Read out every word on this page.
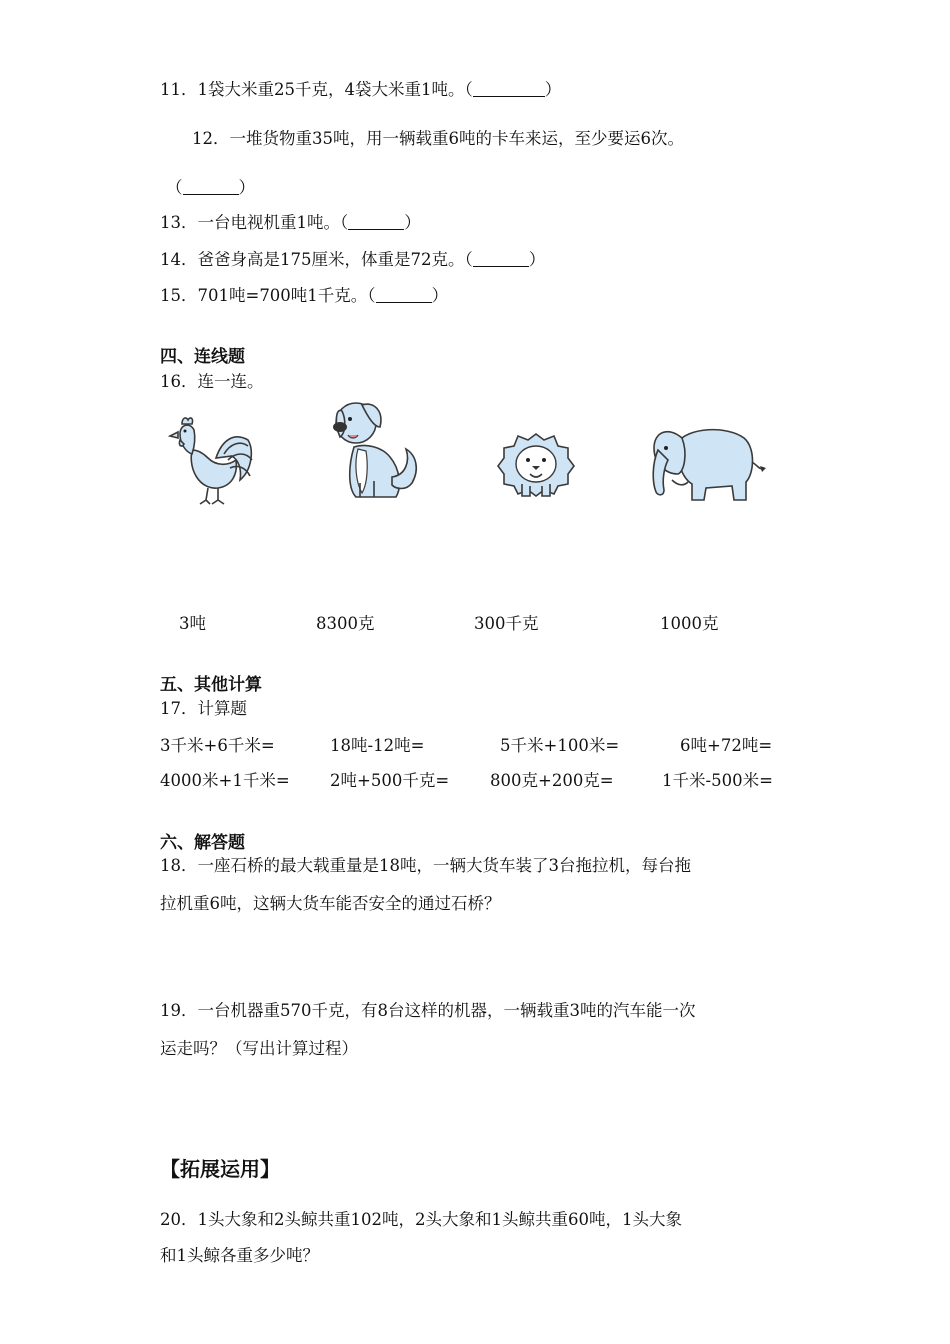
11．1袋大米重25千克，4袋大米重1吨。（	）
12．一堆货物重35吨，用一辆载重6吨的卡车来运，至少要运6次。
（	）
13．一台电视机重1吨。（	）
14．爸爸身高是175厘米，体重是72克。（	）
15．701吨=700吨1千克。（	）
四、连线题
16．连一连。
3吨	8300克	300千克	1000克
五、其他计算
17．计算题
3千米+6千米=	18吨-12吨=	5千米+100米=	6吨+72吨=
4000米+1千米= 2吨+500千克= 800克+200克=	1千米-500米=
六、解答题
18．一座石桥的最大载重量是18吨，一辆大货车装了3台拖拉机，每台拖
拉机重6吨，这辆大货车能否安全的通过石桥？
19．一台机器重570千克，有8台这样的机器，一辆载重3吨的汽车能一次
运走吗？（写出计算过程）
【拓展运用】
20．1头大象和2头鲸共重102吨，2头大象和1头鲸共重60吨，1头大象
和1头鲸各重多少吨？
